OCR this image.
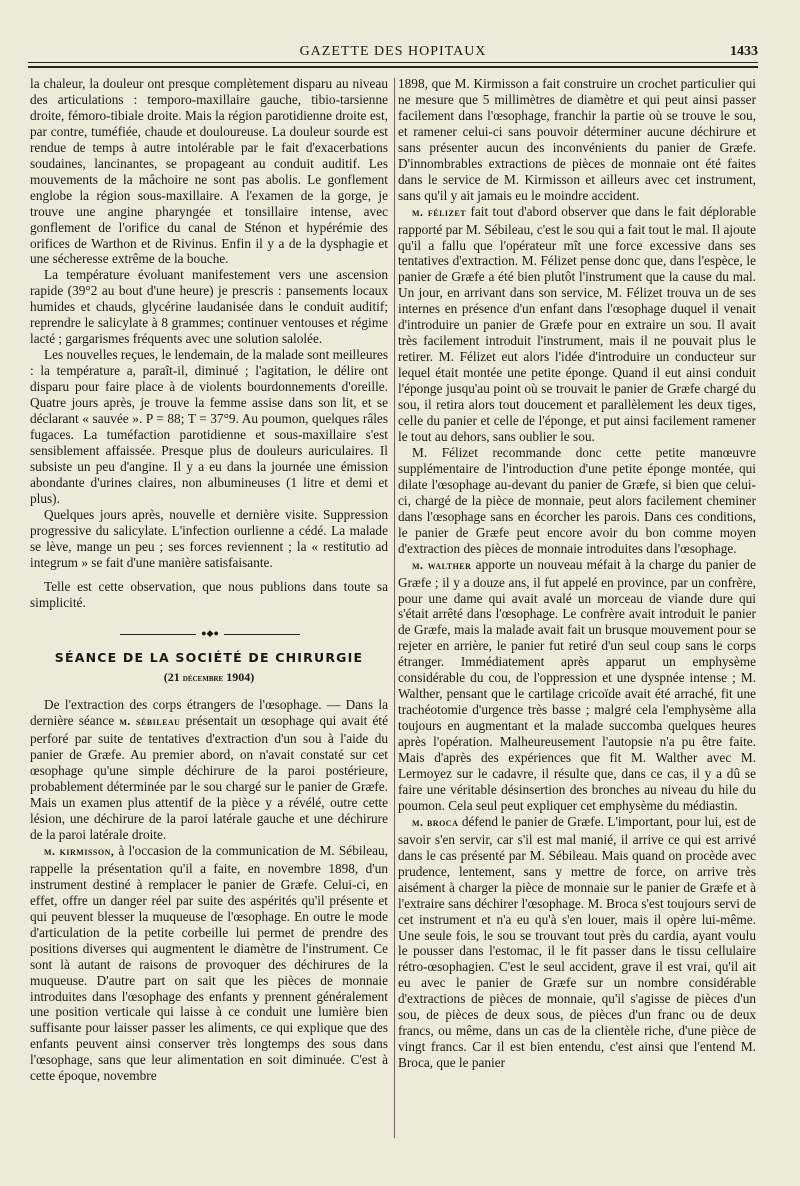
GAZETTE DES HOPITAUX	1433

la chaleur, la douleur ont presque complètement disparu au niveau des articulations : temporo-maxillaire gauche, tibio-tarsienne droite, fémoro-tibiale droite. Mais la région parotidienne droite est, par contre, tuméfiée, chaude et douloureuse. La douleur sourde est rendue de temps à autre intolérable par le fait d'exacerbations soudaines, lancinantes, se propageant au conduit auditif. Les mouvements de la mâchoire ne sont pas abolis. Le gonflement englobe la région sous-maxillaire. A l'examen de la gorge, je trouve une angine pharyngée et tonsillaire intense, avec gonflement de l'orifice du canal de Sténon et hypérémie des orifices de Warthon et de Rivinus. Enfin il y a de la dysphagie et une sécheresse extrême de la bouche.

La température évoluant manifestement vers une ascension rapide (39°2 au bout d'une heure) je prescris : pansements locaux humides et chauds, glycérine laudanisée dans le conduit auditif; reprendre le salicylate à 8 grammes; continuer ventouses et régime lacté ; gargarismes fréquents avec une solution salolée.

Les nouvelles reçues, le lendemain, de la malade sont meilleures : la température a, paraît-il, diminué ; l'agitation, le délire ont disparu pour faire place à de violents bourdonnements d'oreille. Quatre jours après, je trouve la femme assise dans son lit, et se déclarant « sauvée ». P = 88; T = 37°9. Au poumon, quelques râles fugaces. La tuméfaction parotidienne et sous-maxillaire s'est sensiblement affaissée. Presque plus de douleurs auriculaires. Il subsiste un peu d'angine. Il y a eu dans la journée une émission abondante d'urines claires, non albumineuses (1 litre et demi et plus).

Quelques jours après, nouvelle et dernière visite. Suppression progressive du salicylate. L'infection ourlienne a cédé. La malade se lève, mange un peu ; ses forces reviennent ; la « restitutio ad integrum » se fait d'une manière satisfaisante.

Telle est cette observation, que nous publions dans toute sa simplicité.

●◆●
SÉANCE DE LA SOCIÉTÉ DE CHIRURGIE
(21 décembre 1904)

De l'extraction des corps étrangers de l'œsophage. — Dans la dernière séance m. sébileau présentait un œsophage qui avait été perforé par suite de tentatives d'extraction d'un sou à l'aide du panier de Græfe. Au premier abord, on n'avait constaté sur cet œsophage qu'une simple déchirure de la paroi postérieure, probablement déterminée par le sou chargé sur le panier de Græfe. Mais un examen plus attentif de la pièce y a révélé, outre cette lésion, une déchirure de la paroi latérale gauche et une déchirure de la paroi latérale droite.

m. kirmisson, à l'occasion de la communication de M. Sébileau, rappelle la présentation qu'il a faite, en novembre 1898, d'un instrument destiné à remplacer le panier de Græfe. Celui-ci, en effet, offre un danger réel par suite des aspérités qu'il présente et qui peuvent blesser la muqueuse de l'œsophage. En outre le mode d'articulation de la petite corbeille lui permet de prendre des positions diverses qui augmentent le diamètre de l'instrument. Ce sont là autant de raisons de provoquer des déchirures de la muqueuse. D'autre part on sait que les pièces de monnaie introduites dans l'œsophage des enfants y prennent généralement une position verticale qui laisse à ce conduit une lumière bien suffisante pour laisser passer les aliments, ce qui explique que des enfants peuvent ainsi conserver très longtemps des sous dans l'œsophage, sans que leur alimentation en soit diminuée. C'est à cette époque, novembre

1898, que M. Kirmisson a fait construire un crochet particulier qui ne mesure que 5 millimètres de diamètre et qui peut ainsi passer facilement dans l'œsophage, franchir la partie où se trouve le sou, et ramener celui-ci sans pouvoir déterminer aucune déchirure et sans présenter aucun des inconvénients du panier de Græfe. D'innombrables extractions de pièces de monnaie ont été faites dans le service de M. Kirmisson et ailleurs avec cet instrument, sans qu'il y ait jamais eu le moindre accident.

m. félizet fait tout d'abord observer que dans le fait déplorable rapporté par M. Sébileau, c'est le sou qui a fait tout le mal. Il ajoute qu'il a fallu que l'opérateur mît une force excessive dans ses tentatives d'extraction. M. Félizet pense donc que, dans l'espèce, le panier de Græfe a été bien plutôt l'instrument que la cause du mal. Un jour, en arrivant dans son service, M. Félizet trouva un de ses internes en présence d'un enfant dans l'œsophage duquel il venait d'introduire un panier de Græfe pour en extraire un sou. Il avait très facilement introduit l'instrument, mais il ne pouvait plus le retirer. M. Félizet eut alors l'idée d'introduire un conducteur sur lequel était montée une petite éponge. Quand il eut ainsi conduit l'éponge jusqu'au point où se trouvait le panier de Græfe chargé du sou, il retira alors tout doucement et parallèlement les deux tiges, celle du panier et celle de l'éponge, et put ainsi facilement ramener le tout au dehors, sans oublier le sou.

M. Félizet recommande donc cette petite manœuvre supplémentaire de l'introduction d'une petite éponge montée, qui dilate l'œsophage au-devant du panier de Græfe, si bien que celui-ci, chargé de la pièce de monnaie, peut alors facilement cheminer dans l'œsophage sans en écorcher les parois. Dans ces conditions, le panier de Græfe peut encore avoir du bon comme moyen d'extraction des pièces de monnaie introduites dans l'œsophage.

m. walther apporte un nouveau méfait à la charge du panier de Græfe ; il y a douze ans, il fut appelé en province, par un confrère, pour une dame qui avait avalé un morceau de viande dure qui s'était arrêté dans l'œsophage. Le confrère avait introduit le panier de Græfe, mais la malade avait fait un brusque mouvement pour se rejeter en arrière, le panier fut retiré d'un seul coup sans le corps étranger. Immédiatement après apparut un emphysème considérable du cou, de l'oppression et une dyspnée intense ; M. Walther, pensant que le cartilage cricoïde avait été arraché, fit une trachéotomie d'urgence très basse ; malgré cela l'emphysème alla toujours en augmentant et la malade succomba quelques heures après l'opération. Malheureusement l'autopsie n'a pu être faite. Mais d'après des expériences que fit M. Walther avec M. Lermoyez sur le cadavre, il résulte que, dans ce cas, il y a dû se faire une véritable désinsertion des bronches au niveau du hile du poumon. Cela seul peut expliquer cet emphysème du médiastin.

m. broca défend le panier de Græfe. L'important, pour lui, est de savoir s'en servir, car s'il est mal manié, il arrive ce qui est arrivé dans le cas présenté par M. Sébileau. Mais quand on procède avec prudence, lentement, sans y mettre de force, on arrive très aisément à charger la pièce de monnaie sur le panier de Græfe et à l'extraire sans déchirer l'œsophage. M. Broca s'est toujours servi de cet instrument et n'a eu qu'à s'en louer, mais il opère lui-même. Une seule fois, le sou se trouvant tout près du cardia, ayant voulu le pousser dans l'estomac, il le fit passer dans le tissu cellulaire rétro-œsophagien. C'est le seul accident, grave il est vrai, qu'il ait eu avec le panier de Græfe sur un nombre considérable d'extractions de pièces de monnaie, qu'il s'agisse de pièces d'un sou, de pièces de deux sous, de pièces d'un franc ou de deux francs, ou même, dans un cas de la clientèle riche, d'une pièce de vingt francs. Car il est bien entendu, c'est ainsi que l'entend M. Broca, que le panier
